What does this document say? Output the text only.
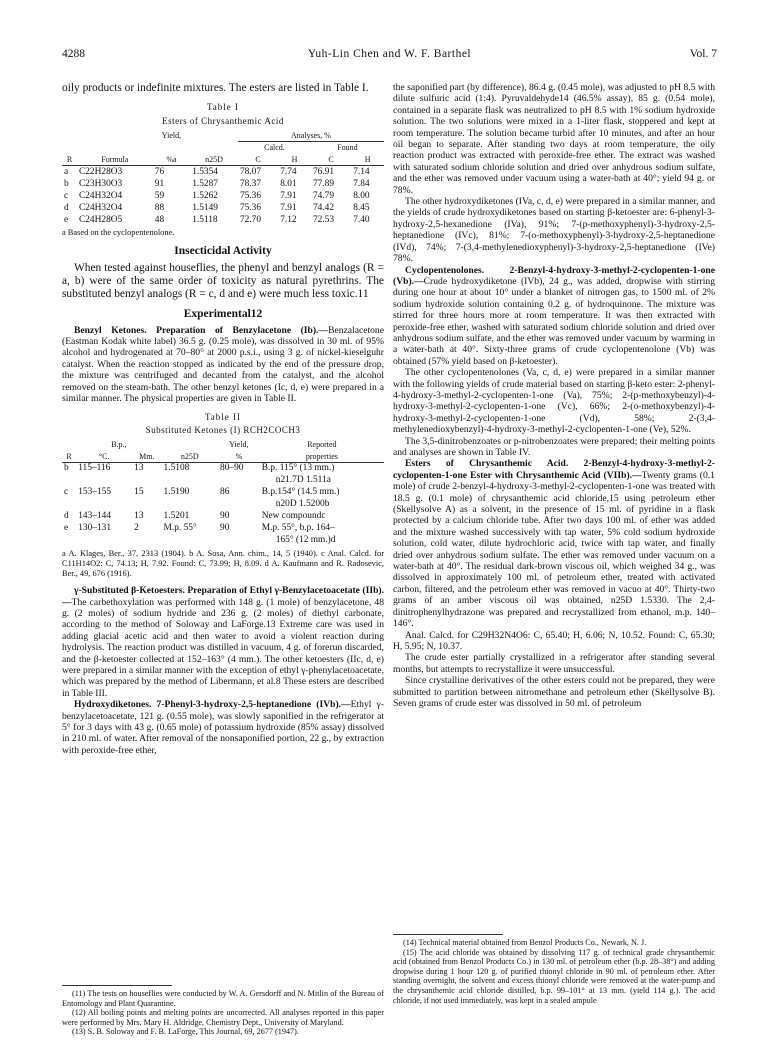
4288	Yuh-Lin Chen and W. F. Barthel	Vol. 7

oily products or indefinite mixtures. The esters are listed in Table I.

Table I
Esters of Chrysanthemic Acid
		Yield,		Analyses, %			
				Calcd.		Found	
R	Formula	%a	n25D	C	H	C	H
a	C22H28O3	76	1.5354	78.07	7.74	76.91	7.14
b	C23H30O3	91	1.5287	78.37	8.01	77.89	7.84
c	C24H32O4	59	1.5262	75.36	7.91	74.79	8.00
d	C24H32O4	88	1.5149	75.36	7.91	74.42	8.45
e	C24H28O5	48	1.5118	72.70	7.12	72.53	7.40
a Based on the cyclopentenolone.
Insecticidal Activity

When tested against houseflies, the phenyl and benzyl analogs (R = a, b) were of the same order of toxicity as natural pyrethrins. The substituted benzyl analogs (R = c, d and e) were much less toxic.11

Experimental12

Benzyl Ketones. Preparation of Benzylacetone (Ib).—Benzalacetone (Eastman Kodak white label) 36.5 g. (0.25 mole), was dissolved in 30 ml. of 95% alcohol and hydrogenated at 70–80° at 2000 p.s.i., using 3 g. of nickel-kieselguhr catalyst. When the reaction stopped as indicated by the end of the pressure drop, the mixture was centrifuged and decanted from the catalyst, and the alcohol removed on the steam-bath. The other benzyl ketones (Ic, d, e) were prepared in a similar manner. The physical properties are given in Table II.

Table II
Substituted Ketones (I) RCH2COCH3
	B.p.,			Yield,	Reported
R	°C.	Mm.	n25D	%	properties
b	115–116	13	1.5108	80–90	B.p. 115° (13 mm.)
					n21.7D 1.511a
c	153–155	15	1.5190	86	B.p.154° (14.5 mm.)
					n20D 1.5200b
d	143–144	13	1.5201	90	New compoundc
e	130–131	2	M.p. 55°	90	M.p. 55°, b.p. 164–
					165° (12 mm.)d
a A. Klages, Ber., 37, 2313 (1904). b A. Sosa, Ann. chim., 14, 5 (1940). c Anal. Calcd. for C11H14O2: C, 74.13; H, 7.92. Found: C, 73.99; H, 8.09. d A. Kaufmann and R. Radosevic, Ber., 49, 676 (1916).

γ-Substituted β-Ketoesters. Preparation of Ethyl γ-Benzylacetoacetate (IIb).—The carbethoxylation was performed with 148 g. (1 mole) of benzylacetone, 48 g. (2 moles) of sodium hydride and 236 g. (2 moles) of diethyl carbonate, according to the method of Soloway and LaForge.13 Extreme care was used in adding glacial acetic acid and then water to avoid a violent reaction during hydrolysis. The reaction product was distilled in vacuum, 4 g. of forerun discarded, and the β-ketoester collected at 152–163° (4 mm.). The other ketoesters (IIc, d, e) were prepared in a similar manner with the exception of ethyl γ-phenylacetoacetate, which was prepared by the method of Libermann, et al.8 These esters are described in Table III.

Hydroxydiketones. 7-Phenyl-3-hydroxy-2,5-heptanedione (IVb).—Ethyl γ-benzylacetoacetate, 121 g. (0.55 mole), was slowly saponified in the refrigerator at 5° for 3 days with 43 g. (0.65 mole) of potassium hydroxide (85% assay) dissolved in 210 ml. of water. After removal of the nonsaponified portion, 22 g., by extraction with peroxide-free ether,

(11) The tests on houseflies were conducted by W. A. Gersdorff and N. Mitlin of the Bureau of Entomology and Plant Quarantine.

(12) All boiling points and melting points are uncorrected. All analyses reported in this paper were performed by Mrs. Mary H. Aldridge, Chemistry Dept., University of Maryland.

(13) S. B. Soloway and F. B. LaForge, This Journal, 69, 2677 (1947).

the saponified part (by difference), 86.4 g. (0.45 mole), was adjusted to pH 8.5 with dilute sulfuric acid (1:4). Pyruvaldehyde14 (46.5% assay), 85 g. (0.54 mole), contained in a separate flask was neutralized to pH 8.5 with 1% sodium hydroxide solution. The two solutions were mixed in a 1-liter flask, stoppered and kept at room temperature. The solution became turbid after 10 minutes, and after an hour oil began to separate. After standing two days at room temperature, the oily reaction product was extracted with peroxide-free ether. The extract was washed with saturated sodium chloride solution and dried over anhydrous sodium sulfate, and the ether was removed under vacuum using a water-bath at 40°; yield 94 g. or 78%.

The other hydroxydiketones (IVa, c, d, e) were prepared in a similar manner, and the yields of crude hydroxydiketones based on starting β-ketoester are: 6-phenyl-3-hydroxy-2,5-hexanedione (IVa), 91%; 7-(p-methoxyphenyl)-3-hydroxy-2,5-heptanedione (IVc), 81%; 7-(o-methoxyphenyl)-3-hydroxy-2,5-heptanedione (IVd), 74%; 7-(3,4-methylenedioxyphenyl)-3-hydroxy-2,5-heptanedione (IVe) 78%.

Cyclopentenolones. 2-Benzyl-4-hydroxy-3-methyl-2-cyclopenten-1-one (Vb).—Crude hydroxydiketone (IVb), 24 g., was added, dropwise with stirring during one hour at about 10° under a blanket of nitrogen gas, to 1500 ml. of 2% sodium hydroxide solution containing 0.2 g. of hydroquinone. The mixture was stirred for three hours more at room temperature. It was then extracted with peroxide-free ether, washed with saturated sodium chloride solution and dried over anhydrous sodium sulfate, and the ether was removed under vacuum by warming in a water-bath at 40°. Sixty-three grams of crude cyclopentenolone (Vb) was obtained (57% yield based on β-ketoester).

The other cyclopentenolones (Va, c, d, e) were prepared in a similar manner with the following yields of crude material based on starting β-keto ester: 2-phenyl-4-hydroxy-3-methyl-2-cyclopenten-1-one (Va), 75%; 2-(p-methoxybenzyl)-4-hydroxy-3-methyl-2-cyclopenten-1-one (Vc), 66%; 2-(o-methoxybenzyl)-4-hydroxy-3-methyl-2-cyclopenten-1-one (Vd), 58%; 2-(3,4-methylenedioxybenzyl)-4-hydroxy-3-methyl-2-cyclopenten-1-one (Ve), 52%.

The 3,5-dinitrobenzoates or p-nitrobenzoates were prepared; their melting points and analyses are shown in Table IV.

Esters of Chrysanthemic Acid. 2-Benzyl-4-hydroxy-3-methyl-2-cyclopenten-1-one Ester with Chrysanthemic Acid (VIIb).—Twenty grams (0.1 mole) of crude 2-benzyl-4-hydroxy-3-methyl-2-cyclopenten-1-one was treated with 18.5 g. (0.1 mole) of chrysanthemic acid chloride,15 using petroleum ether (Skellysolve A) as a solvent, in the presence of 15 ml. of pyridine in a flask protected by a calcium chloride tube. After two days 100 ml. of ether was added and the mixture washed successively with tap water, 5% cold sodium hydroxide solution, cold water, dilute hydrochloric acid, twice with tap water, and finally dried over anhydrous sodium sulfate. The ether was removed under vacuum on a water-bath at 40°. The residual dark-brown viscous oil, which weighed 34 g., was dissolved in approximately 100 ml. of petroleum ether, treated with activated carbon, filtered, and the petroleum ether was removed in vacuo at 40°. Thirty-two grams of an amber viscous oil was obtained, n25D 1.5330. The 2,4-dinitrophenylhydrazone was prepared and recrystallized from ethanol, m.p. 140–146°.

Anal. Calcd. for C29H32N4O6: C, 65.40; H, 6.06; N, 10.52. Found: C, 65.30; H, 5.95; N, 10.37.

The crude ester partially crystallized in a refrigerator after standing several months, but attempts to recrystallize it were unsuccessful.

Since crystalline derivatives of the other esters could not be prepared, they were submitted to partition between nitromethane and petroleum ether (Skellysolve B). Seven grams of crude ester was dissolved in 50 ml. of petroleum

(14) Technical material obtained from Benzol Products Co., Newark, N. J.

(15) The acid chloride was obtained by dissolving 117 g. of technical grade chrysanthemic acid (obtained from Benzol Products Co.) in 130 ml. of petroleum ether (b.p. 28–38°) and adding dropwise during 1 hour 120 g. of purified thionyl chloride in 90 ml. of petroleum ether. After standing overnight, the solvent and excess thionyl chloride were removed at the water-pump and the chrysanthemic acid chloride distilled, b.p. 99–101° at 13 mm. (yield 114 g.). The acid chloride, if not used immediately, was kept in a sealed ampule
